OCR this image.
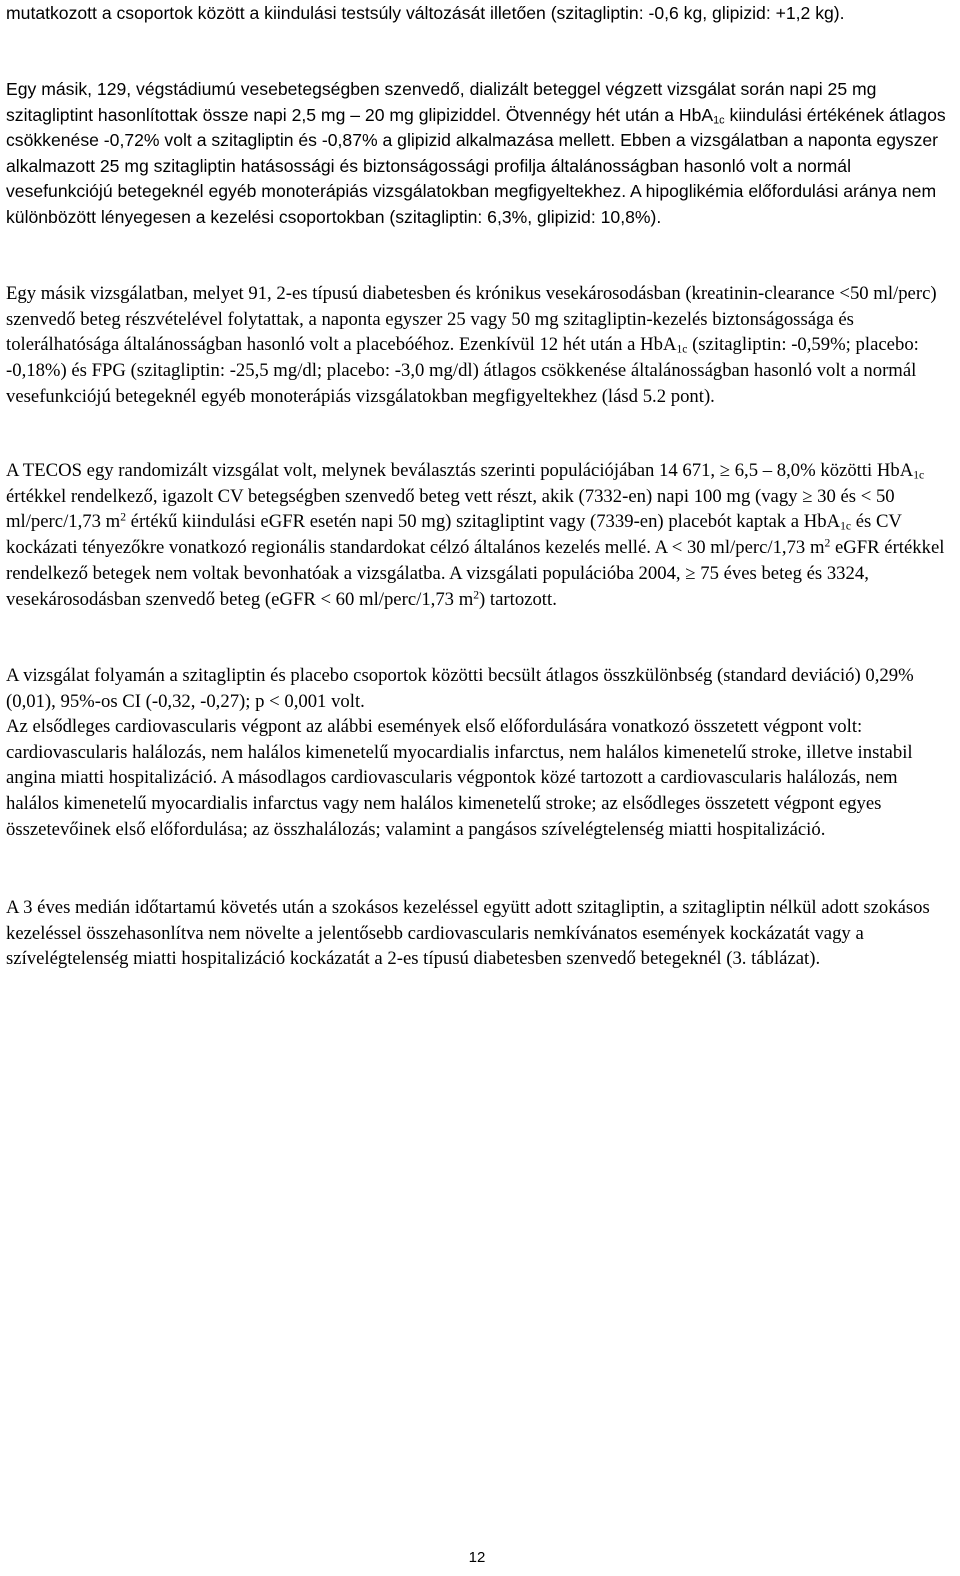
mutatkozott a csoportok között a kiindulási testsúly változását illetően (szitagliptin: -0,6 kg, glipizid: +1,2 kg).

Egy másik, 129, végstádiumú vesebetegségben szenvedő, dializált beteggel végzett vizsgálat során napi 25 mg szitagliptint hasonlítottak össze napi 2,5 mg – 20 mg glipiziddel. Ötvennégy hét után a HbA$_{1c}$ kiindulási értékének átlagos csökkenése -0,72% volt a szitagliptin és -0,87% a glipizid alkalmazása mellett. Ebben a vizsgálatban a naponta egyszer alkalmazott 25 mg szitagliptin hatásossági és biztonságossági profilja általánosságban hasonló volt a normál vesefunkciójú betegeknél egyéb monoterápiás vizsgálatokban megfigyeltekhez. A hipoglikémia előfordulási aránya nem különbözött lényegesen a kezelési csoportokban (szitagliptin: 6,3%, glipizid: 10,8%).

Egy másik vizsgálatban, melyet 91, 2-es típusú diabetesben és krónikus vesekárosodásban (kreatinin-clearance <50 ml/perc) szenvedő beteg részvételével folytattak, a naponta egyszer 25 vagy 50 mg szitagliptin-kezelés biztonságossága és tolerálhatósága általánosságban hasonló volt a placebóéhoz. Ezenkívül 12 hét után a HbA$_{1c}$ (szitagliptin: -0,59%; placebo: -0,18%) és FPG (szitagliptin: -25,5 mg/dl; placebo: -3,0 mg/dl) átlagos csökkenése általánosságban hasonló volt a normál vesefunkciójú betegeknél egyéb monoterápiás vizsgálatokban megfigyeltekhez (lásd 5.2 pont).

A TECOS egy randomizált vizsgálat volt, melynek beválasztás szerinti populációjában 14 671, ≥ 6,5 – 8,0% közötti HbA$_{1c}$ értékkel rendelkező, igazolt CV betegségben szenvedő beteg vett részt, akik (7332-en) napi 100 mg (vagy ≥ 30 és < 50 ml/perc/1,73 $m^2$ értékű kiindulási eGFR esetén napi 50 mg) szitagliptint vagy (7339-en) placebót kaptak a HbA$_{1c}$ és CV kockázati tényezőkre vonatkozó regionális standardokat célzó általános kezelés mellé. A < 30 ml/perc/1,73 $m^2$ eGFR értékkel rendelkező betegek nem voltak bevonhatóak a vizsgálatba. A vizsgálati populációba 2004, ≥ 75 éves beteg és 3324, vesekárosodásban szenvedő beteg (eGFR < 60 ml/perc/1,73 $m^2$) tartozott.

A vizsgálat folyamán a szitagliptin és placebo csoportok közötti becsült átlagos összkülönbség (standard deviáció) 0,29% (0,01), 95%-os CI (-0,32, -0,27); p < 0,001 volt.

Az elsődleges cardiovascularis végpont az alábbi események első előfordulására vonatkozó összetett végpont volt: cardiovascularis halálozás, nem halálos kimenetelű myocardialis infarctus, nem halálos kimenetelű stroke, illetve instabil angina miatti hospitalizáció. A másodlagos cardiovascularis végpontok közé tartozott a cardiovascularis halálozás, nem halálos kimenetelű myocardialis infarctus vagy nem halálos kimenetelű stroke; az elsődleges összetett végpont egyes összetevőinek első előfordulása; az összhalálozás; valamint a pangásos szívelégtelenség miatti hospitalizáció.

A 3 éves medián időtartamú követés után a szokásos kezeléssel együtt adott szitagliptin, a szitagliptin nélkül adott szokásos kezeléssel összehasonlítva nem növelte a jelentősebb cardiovascularis nemkívánatos események kockázatát vagy a szívelégtelenség miatti hospitalizáció kockázatát a 2-es típusú diabetesben szenvedő betegeknél (3. táblázat).

12
